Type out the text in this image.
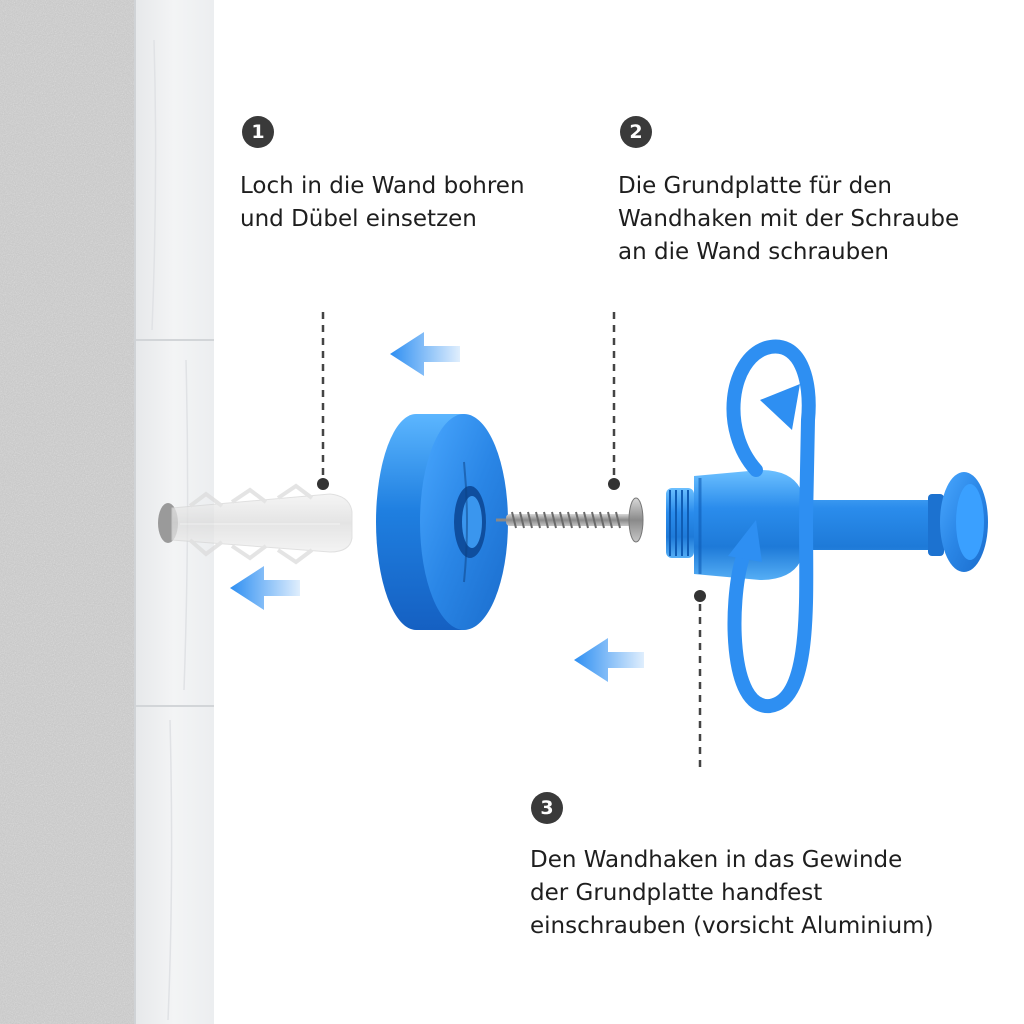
1
Loch in die Wand bohren
und Dübel einsetzen
2
Die Grundplatte für den
Wandhaken mit der Schraube
an die Wand schrauben
3
Den Wandhaken in das Gewinde
der Grundplatte handfest
einschrauben (vorsicht Aluminium)
